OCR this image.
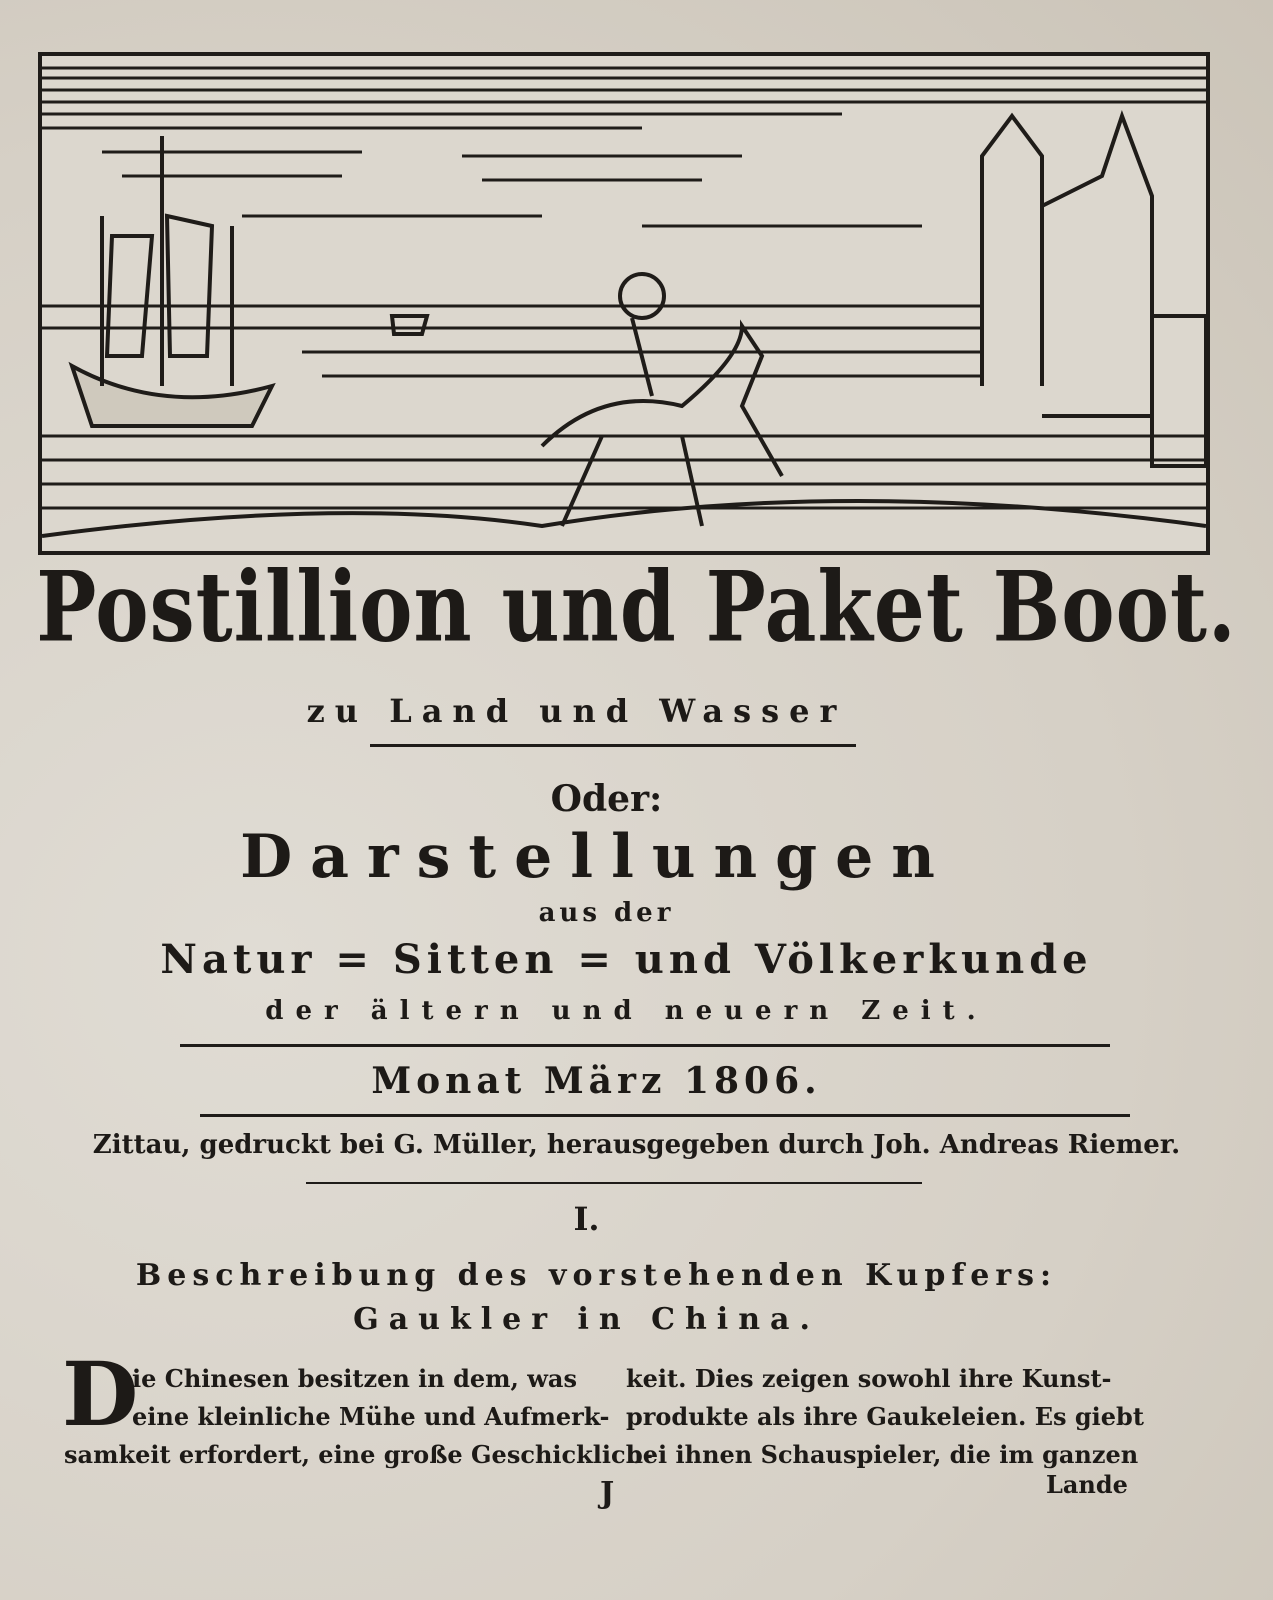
Postillion und Paket Boot.
zu Land und Wasser
Oder:
Darstellungen
aus der
Natur = Sitten = und Völkerkunde
der ältern und neuern Zeit.
Monat März 1806.
Zittau, gedruckt bei G. Müller, herausgegeben durch Joh. Andreas Riemer.
I.
Beschreibung des vorstehenden Kupfers:
Gaukler in China.
D
ie Chinesen besitzen in dem, was
eine kleinliche Mühe und Aufmerk-
samkeit erfordert, eine große Geschicklich-
keit. Dies zeigen sowohl ihre Kunst-
produkte als ihre Gaukeleien. Es giebt
bei ihnen Schauspieler, die im ganzen
J	Lande
